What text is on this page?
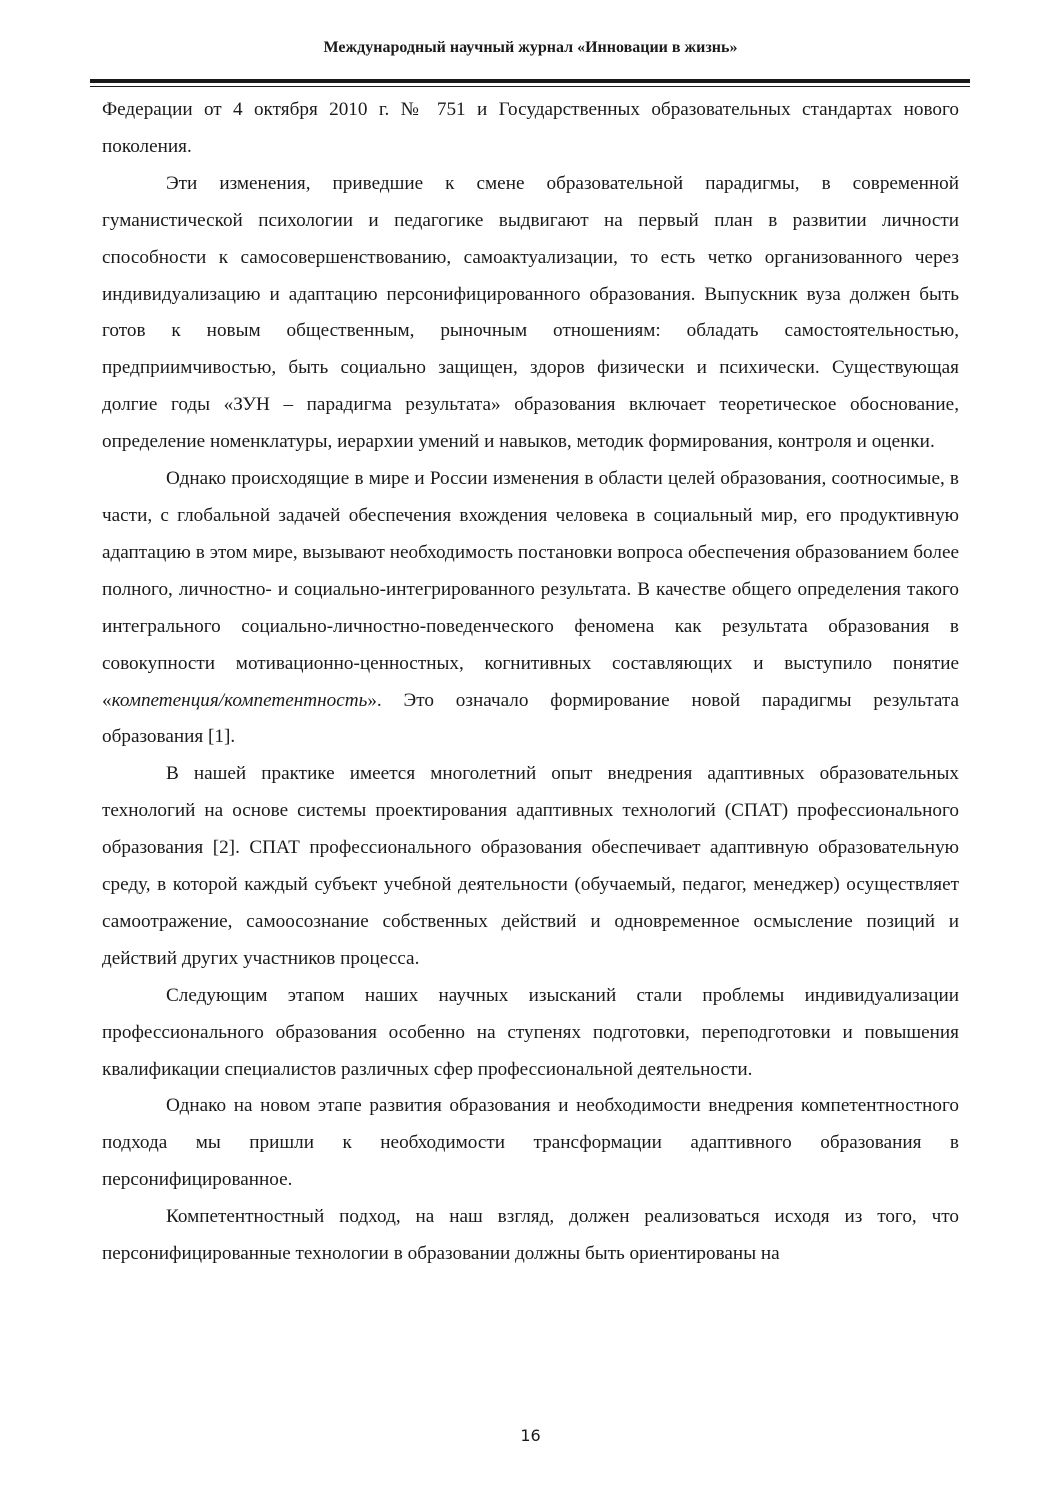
Международный научный журнал «Инновации в жизнь»

Федерации от 4 октября 2010 г. № 751 и Государственных образовательных стандартах нового поколения.

Эти изменения, приведшие к смене образовательной парадигмы, в современной гуманистической психологии и педагогике выдвигают на первый план в развитии личности способности к самосовершенствованию, самоактуализации, то есть четко организованного через индивидуализацию и адаптацию персонифицированного образования. Выпускник вуза должен быть готов к новым общественным, рыночным отношениям: обладать самостоятельностью, предприимчивостью, быть социально защищен, здоров физически и психически. Существующая долгие годы «ЗУН – парадигма результата» образования включает теоретическое обоснование, определение номенклатуры, иерархии умений и навыков, методик формирования, контроля и оценки.

Однако происходящие в мире и России изменения в области целей образования, соотносимые, в части, с глобальной задачей обеспечения вхождения человека в социальный мир, его продуктивную адаптацию в этом мире, вызывают необходимость постановки вопроса обеспечения образованием более полного, личностно- и социально-интегрированного результата. В качестве общего определения такого интегрального социально-личностно-поведенческого феномена как результата образования в совокупности мотивационно-ценностных, когнитивных составляющих и выступило понятие «компетенция/компетентность». Это означало формирование новой парадигмы результата образования [1].

В нашей практике имеется многолетний опыт внедрения адаптивных образовательных технологий на основе системы проектирования адаптивных технологий (СПАТ) профессионального образования [2]. СПАТ профессионального образования обеспечивает адаптивную образовательную среду, в которой каждый субъект учебной деятельности (обучаемый, педагог, менеджер) осуществляет самоотражение, самоосознание собственных действий и одновременное осмысление позиций и действий других участников процесса.

Следующим этапом наших научных изысканий стали проблемы индивидуализации профессионального образования особенно на ступенях подготовки, переподготовки и повышения квалификации специалистов различных сфер профессиональной деятельности.

Однако на новом этапе развития образования и необходимости внедрения компетентностного подхода мы пришли к необходимости трансформации адаптивного образования в персонифицированное.

Компетентностный подход, на наш взгляд, должен реализоваться исходя из того, что персонифицированные технологии в образовании должны быть ориентированы на

16
